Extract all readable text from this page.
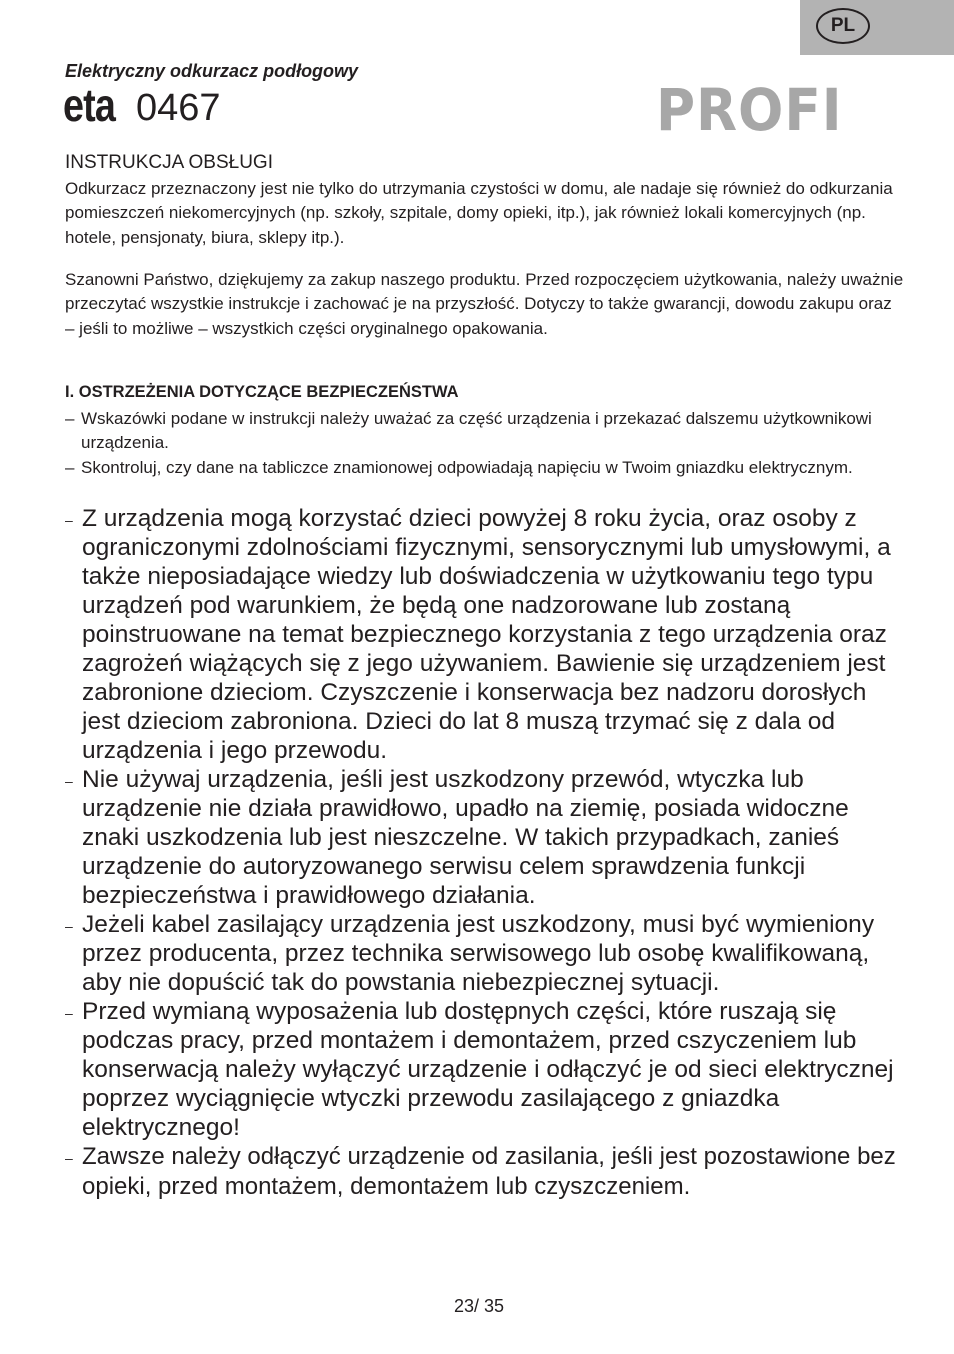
PL
Elektryczny odkurzacz podłogowy
eta 0467	PROFI
INSTRUKCJA OBSŁUGI
Odkurzacz przeznaczony jest nie tylko do utrzymania czystości w domu, ale nadaje się również do odkurzania pomieszczeń niekomercyjnych (np. szkoły, szpitale, domy opieki, itp.), jak również lokali komercyjnych (np. hotele, pensjonaty, biura, sklepy itp.).
Szanowni Państwo, dziękujemy za zakup naszego produktu. Przed rozpoczęciem użytkowania, należy uważnie przeczytać wszystkie instrukcje i zachować je na przyszłość. Dotyczy to także gwarancji, dowodu zakupu oraz – jeśli to możliwe – wszystkich części oryginalnego opakowania.
I. OSTRZEŻENIA DOTYCZĄCE BEZPIECZEŃSTWA
– Wskazówki podane w instrukcji należy uważać za część urządzenia i przekazać dalszemu użytkownikowi urządzenia.
– Skontroluj, czy dane na tabliczce znamionowej odpowiadają napięciu w Twoim gniazdku elektrycznym.
– Z urządzenia mogą korzystać dzieci powyżej 8 roku życia, oraz osoby z ograniczonymi zdolnościami fizycznymi, sensorycznymi lub umysłowymi, a także nieposiadające wiedzy lub doświadczenia w użytkowaniu tego typu urządzeń pod warunkiem, że będą one nadzorowane lub zostaną poinstruowane na temat bezpiecznego korzystania z tego urządzenia oraz zagrożeń wiążących się z jego używaniem. Bawienie się urządzeniem jest zabronione dzieciom. Czyszczenie i konserwacja bez nadzoru dorosłych jest dzieciom zabroniona. Dzieci do lat 8 muszą trzymać się z dala od urządzenia i jego przewodu.
– Nie używaj urządzenia, jeśli jest uszkodzony przewód, wtyczka lub urządzenie nie działa prawidłowo, upadło na ziemię, posiada widoczne znaki uszkodzenia lub jest nieszczelne. W takich przypadkach, zanieś urządzenie do autoryzowanego serwisu celem sprawdzenia funkcji bezpieczeństwa i prawidłowego działania.
– Jeżeli kabel zasilający urządzenia jest uszkodzony, musi być wymieniony przez producenta, przez technika serwisowego lub osobę kwalifikowaną, aby nie dopuścić tak do powstania niebezpiecznej sytuacji.
– Przed wymianą wyposażenia lub dostępnych części, które ruszają się podczas pracy, przed montażem i demontażem, przed cszyczeniem lub konserwacją należy wyłączyć urządzenie i odłączyć je od sieci elektrycznej poprzez wyciągnięcie wtyczki przewodu zasilającego z gniazdka elektrycznego!
– Zawsze należy odłączyć urządzenie od zasilania, jeśli jest pozostawione bez opieki, przed montażem, demontażem lub czyszczeniem.
23/ 35
